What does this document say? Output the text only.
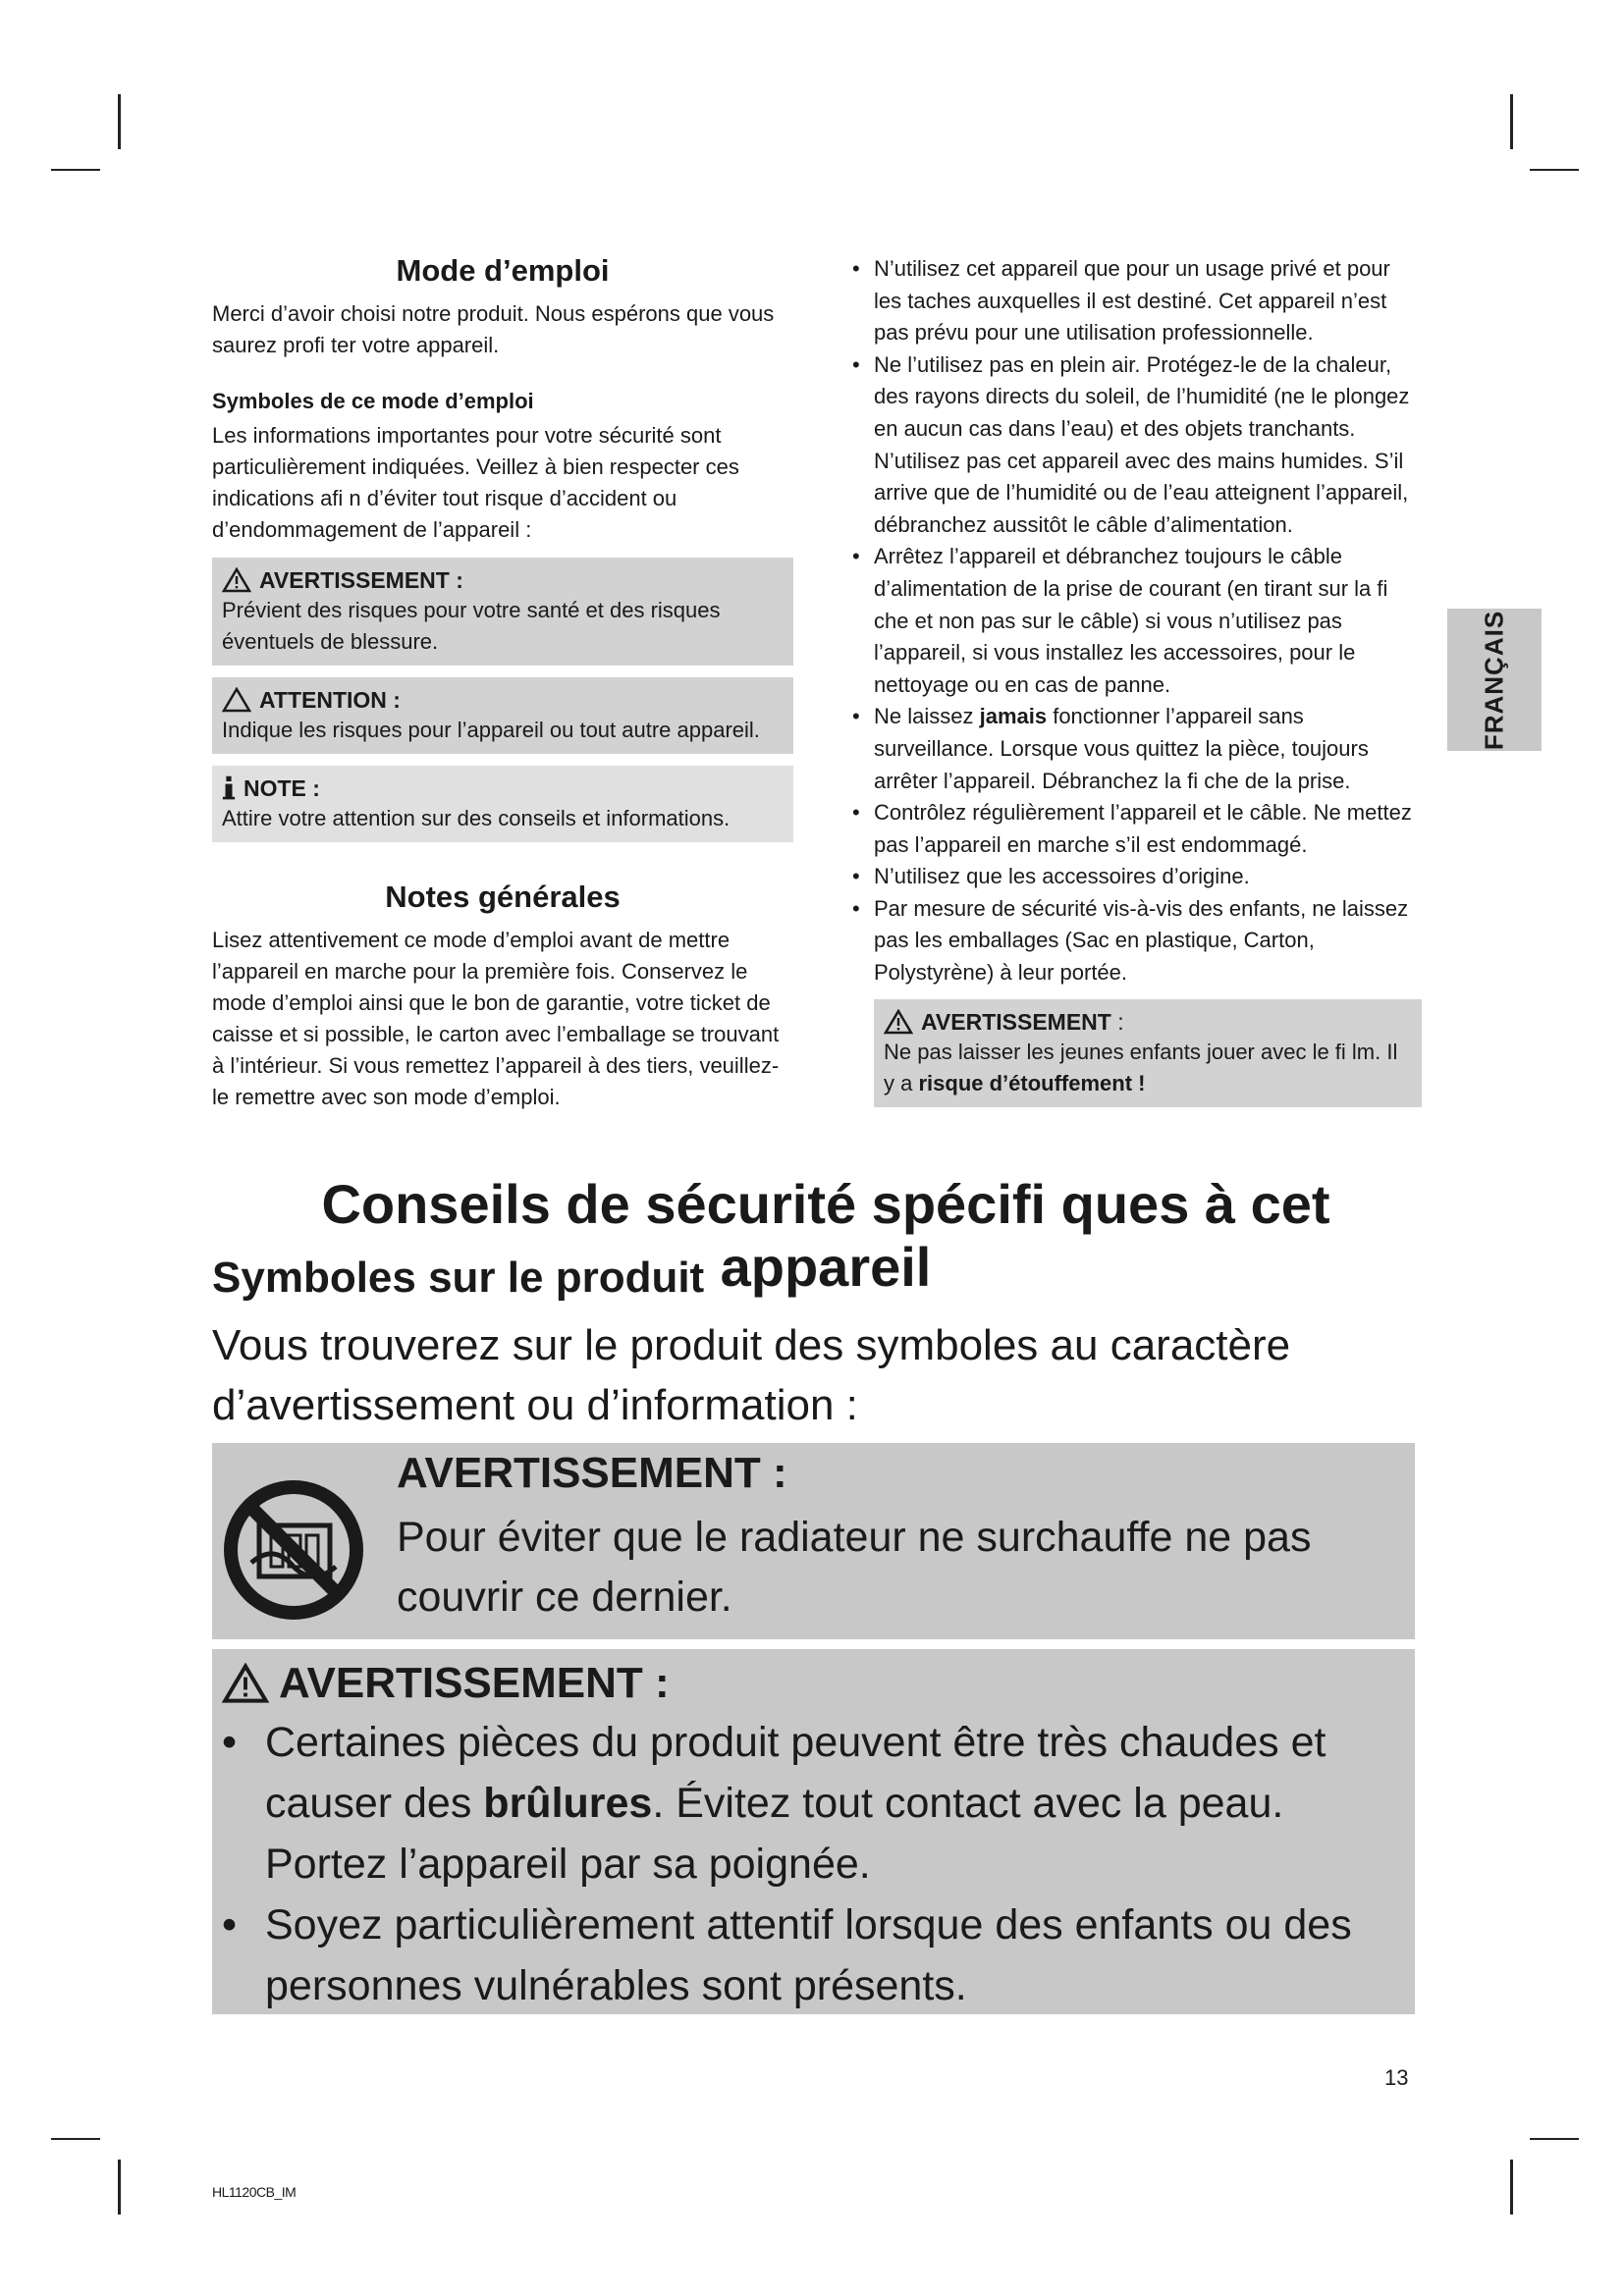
Mode d’emploi

Merci d’avoir choisi notre produit. Nous espérons que vous saurez profi ter votre appareil.

Symboles de ce mode d’emploi

Les informations importantes pour votre sécurité sont particulièrement indiquées. Veillez à bien respecter ces indications afi n d’éviter tout risque d’accident ou d’endommagement de l’appareil :

AVERTISSEMENT :
Prévient des risques pour votre santé et des risques éventuels de blessure.
ATTENTION :
Indique les risques pour l’appareil ou tout autre appareil.
NOTE :
Attire votre attention sur des conseils et informations.
Notes générales

Lisez attentivement ce mode d’emploi avant de mettre l’appareil en marche pour la première fois. Conservez le mode d’emploi ainsi que le bon de garantie, votre ticket de caisse et si possible, le carton avec l’emballage se trouvant à l’intérieur. Si vous remettez l’appareil à des tiers, veuillez-le remettre avec son mode d’emploi.

• N’utilisez cet appareil que pour un usage privé et pour les taches auxquelles il est destiné. Cet appareil n’est pas prévu pour une utilisation professionnelle.
• Ne l’utilisez pas en plein air. Protégez-le de la chaleur, des rayons directs du soleil, de l’humidité (ne le plongez en aucun cas dans l’eau) et des objets tranchants. N’utilisez pas cet appareil avec des mains humides. S’il arrive que de l’humidité ou de l’eau atteignent l’appareil, débranchez aussitôt le câble d’alimentation.
• Arrêtez l’appareil et débranchez toujours le câble d’alimentation de la prise de courant (en tirant sur la fi che et non pas sur le câble) si vous n’utilisez pas l’appareil, si vous installez les accessoires, pour le nettoyage ou en cas de panne.
• Ne laissez jamais fonctionner l’appareil sans surveillance. Lorsque vous quittez la pièce, toujours arrêter l’appareil. Débranchez la fi che de la prise.
• Contrôlez régulièrement l’appareil et le câble. Ne mettez pas l’appareil en marche s’il est endommagé.
• N’utilisez que les accessoires d’origine.
• Par mesure de sécurité vis-à-vis des enfants, ne laissez pas les emballages (Sac en plastique, Carton, Polystyrène) à leur portée.
AVERTISSEMENT :
Ne pas laisser les jeunes enfants jouer avec le fi lm. Il y a risque d’étouffement !
FRANÇAIS
Conseils de sécurité spécifi ques à cet appareil
Symboles sur le produit

Vous trouverez sur le produit des symboles au caractère d’avertissement ou d’information :

AVERTISSEMENT :
Pour éviter que le radiateur ne surchauffe ne pas couvrir ce dernier.
AVERTISSEMENT :
• Certaines pièces du produit peuvent être très chaudes et causer des brûlures. Évitez tout contact avec la peau. Portez l’appareil par sa poignée.
• Soyez particulièrement attentif lorsque des enfants ou des personnes vulnérables sont présents.
13
HL1120CB_IM
